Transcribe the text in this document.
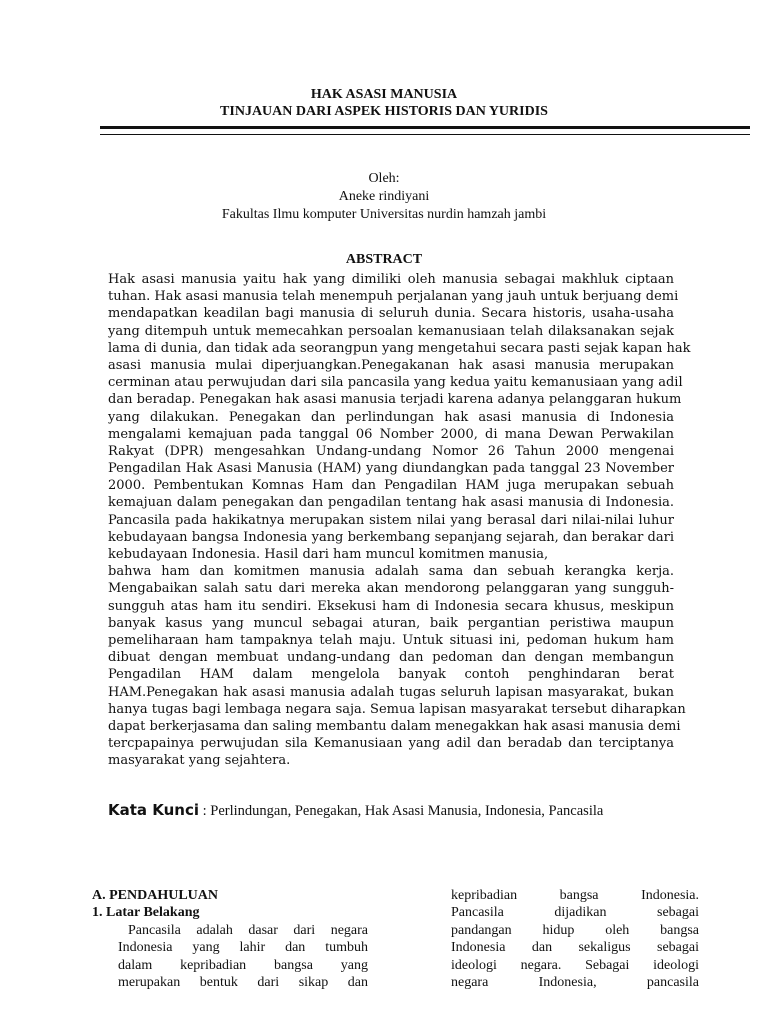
HAK ASASI MANUSIA
TINJAUAN DARI ASPEK HISTORIS DAN YURIDIS
Oleh:
Aneke rindiyani
Fakultas Ilmu komputer Universitas nurdin hamzah jambi
ABSTRACT
Hak asasi manusia yaitu hak yang dimiliki oleh manusia sebagai makhluk ciptaan
tuhan. Hak asasi manusia telah menempuh perjalanan yang jauh untuk berjuang demi
mendapatkan keadilan bagi manusia di seluruh dunia. Secara historis, usaha-usaha
yang ditempuh untuk memecahkan persoalan kemanusiaan telah dilaksanakan sejak
lama di dunia, dan tidak ada seorangpun yang mengetahui secara pasti sejak kapan hak
asasi manusia mulai diperjuangkan.Penegakanan hak asasi manusia merupakan
cerminan atau perwujudan dari sila pancasila yang kedua yaitu kemanusiaan yang adil
dan beradap. Penegakan hak asasi manusia terjadi karena adanya pelanggaran hukum
yang dilakukan. Penegakan dan perlindungan hak asasi manusia di Indonesia
mengalami kemajuan pada tanggal 06 Nomber 2000, di mana Dewan Perwakilan
Rakyat (DPR) mengesahkan Undang-undang Nomor 26 Tahun 2000 mengenai
Pengadilan Hak Asasi Manusia (HAM) yang diundangkan pada tanggal 23 November
2000. Pembentukan Komnas Ham dan Pengadilan HAM juga merupakan sebuah
kemajuan dalam penegakan dan pengadilan tentang hak asasi manusia di Indonesia.
Pancasila pada hakikatnya merupakan sistem nilai yang berasal dari nilai-nilai luhur
kebudayaan bangsa Indonesia yang berkembang sepanjang sejarah, dan berakar dari
kebudayaan Indonesia. Hasil dari ham muncul komitmen manusia,
bahwa ham dan komitmen manusia adalah sama dan sebuah kerangka kerja.
Mengabaikan salah satu dari mereka akan mendorong pelanggaran yang sungguh-
sungguh atas ham itu sendiri. Eksekusi ham di Indonesia secara khusus, meskipun
banyak kasus yang muncul sebagai aturan, baik pergantian peristiwa maupun
pemeliharaan ham tampaknya telah maju. Untuk situasi ini, pedoman hukum ham
dibuat dengan membuat undang-undang dan pedoman dan dengan membangun
Pengadilan HAM dalam mengelola banyak contoh penghindaran berat
HAM.Penegakan hak asasi manusia adalah tugas seluruh lapisan masyarakat, bukan
hanya tugas bagi lembaga negara saja. Semua lapisan masyarakat tersebut diharapkan
dapat berkerjasama dan saling membantu dalam menegakkan hak asasi manusia demi
tercpapainya perwujudan sila Kemanusiaan yang adil dan beradab dan terciptanya
masyarakat yang sejahtera.
Kata Kunci : Perlindungan, Penegakan, Hak Asasi Manusia, Indonesia, Pancasila
A. PENDAHULUAN
1. Latar Belakang
Pancasila adalah dasar dari negara
Indonesia yang lahir dan tumbuh
dalam kepribadian bangsa yang
merupakan bentuk dari sikap dan
kepribadian bangsa Indonesia.
Pancasila dijadikan sebagai
pandangan hidup oleh bangsa
Indonesia dan sekaligus sebagai
ideologi negara. Sebagai ideologi
negara Indonesia, pancasila
